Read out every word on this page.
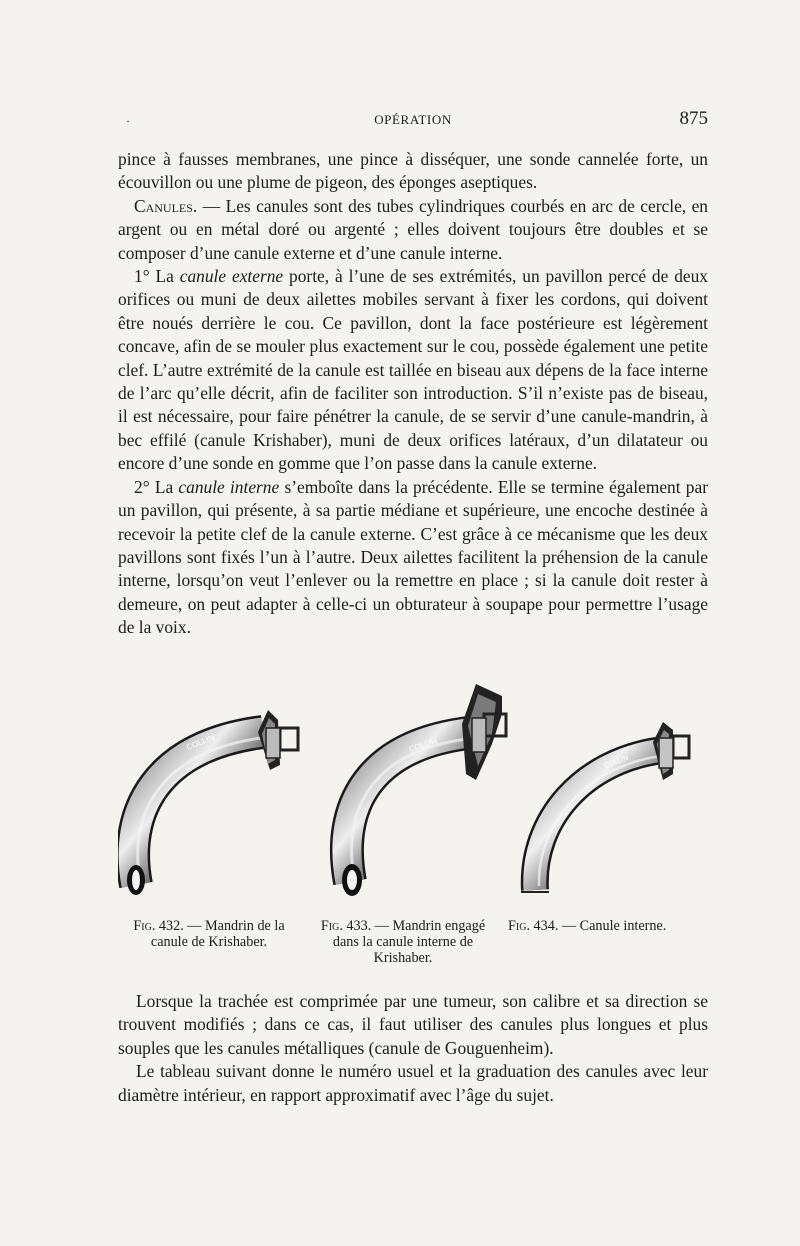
·	OPÉRATION	875

pince à fausses membranes, une pince à disséquer, une sonde cannelée forte, un écouvillon ou une plume de pigeon, des éponges aseptiques.

Canules. — Les canules sont des tubes cylindriques courbés en arc de cercle, en argent ou en métal doré ou argenté ; elles doivent toujours être doubles et se composer d’une canule externe et d’une canule interne.

1° La canule externe porte, à l’une de ses extrémités, un pavillon percé de deux orifices ou muni de deux ailettes mobiles servant à fixer les cordons, qui doivent être noués derrière le cou. Ce pavillon, dont la face postérieure est légèrement concave, afin de se mouler plus exactement sur le cou, possède également une petite clef. L’autre extrémité de la canule est taillée en biseau aux dépens de la face interne de l’arc qu’elle décrit, afin de faciliter son introduction. S’il n’existe pas de biseau, il est nécessaire, pour faire pénétrer la canule, de se servir d’une canule-mandrin, à bec effilé (canule Krishaber), muni de deux orifices latéraux, d’un dilatateur ou encore d’une sonde en gomme que l’on passe dans la canule externe.

2° La canule interne s’emboîte dans la précédente. Elle se termine également par un pavillon, qui présente, à sa partie médiane et supérieure, une encoche destinée à recevoir la petite clef de la canule externe. C’est grâce à ce mécanisme que les deux pavillons sont fixés l’un à l’autre. Deux ailettes facilitent la préhension de la canule interne, lorsqu’on veut l’enlever ou la remettre en place ; si la canule doit rester à demeure, on peut adapter à celle-ci un obturateur à soupape pour permettre l’usage de la voix.

COLLIN	COLLIN
COLLIN
Fig. 432. — Mandrin de la canule de Krishaber.
Fig. 433. — Mandrin engagé dans la canule interne de Krishaber.
Fig. 434. — Canule interne.

Lorsque la trachée est comprimée par une tumeur, son calibre et sa direction se trouvent modifiés ; dans ce cas, il faut utiliser des canules plus longues et plus souples que les canules métalliques (canule de Gouguenheim).

Le tableau suivant donne le numéro usuel et la graduation des canules avec leur diamètre intérieur, en rapport approximatif avec l’âge du sujet.
